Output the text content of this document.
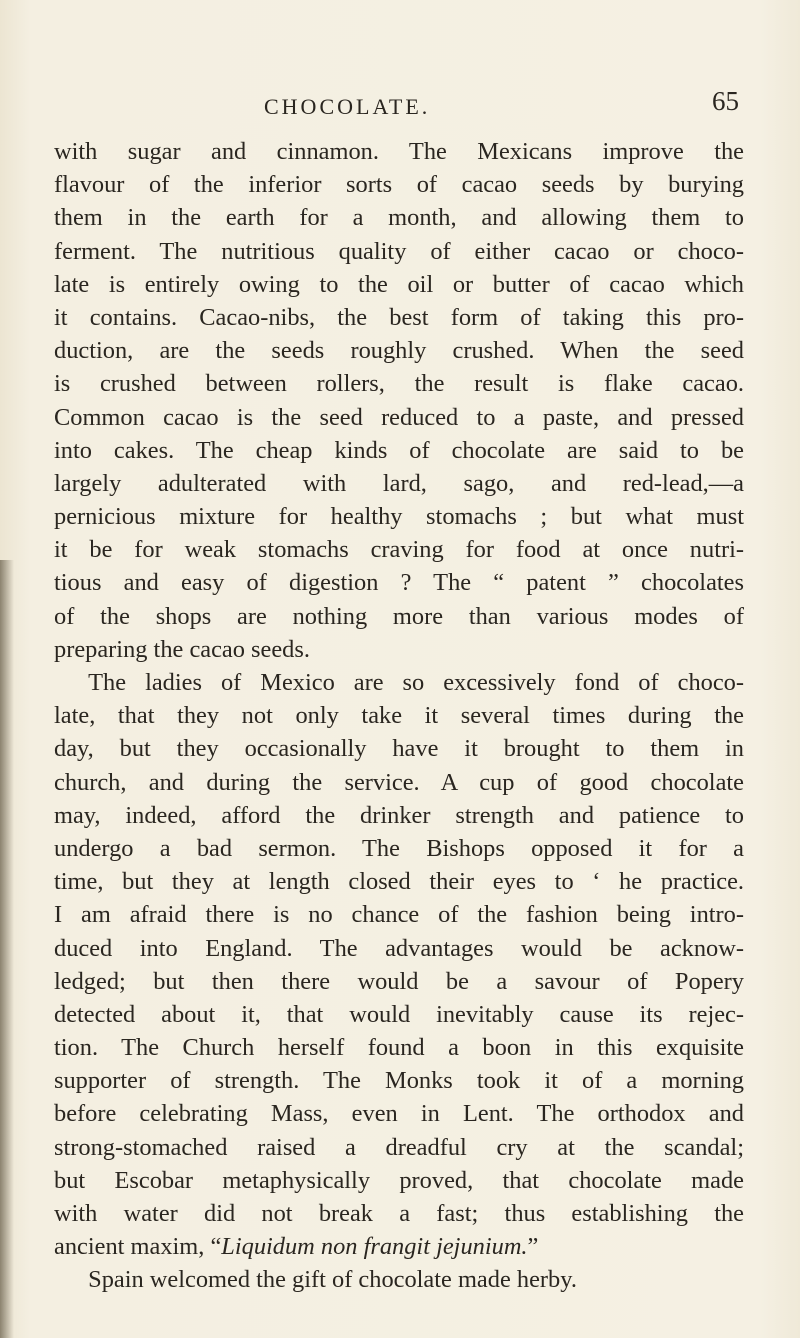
CHOCOLATE.	65
with sugar and cinnamon. The Mexicans improve the
flavour of the inferior sorts of cacao seeds by burying
them in the earth for a month, and allowing them to
ferment. The nutritious quality of either cacao or choco-
late is entirely owing to the oil or butter of cacao which
it contains. Cacao-nibs, the best form of taking this pro-
duction, are the seeds roughly crushed. When the seed
is crushed between rollers, the result is flake cacao.
Common cacao is the seed reduced to a paste, and pressed
into cakes. The cheap kinds of chocolate are said to be
largely adulterated with lard, sago, and red-lead,—a
pernicious mixture for healthy stomachs ; but what must
it be for weak stomachs craving for food at once nutri-
tious and easy of digestion ? The “ patent ” chocolates
of the shops are nothing more than various modes of
preparing the cacao seeds.
The ladies of Mexico are so excessively fond of choco-
late, that they not only take it several times during the
day, but they occasionally have it brought to them in
church, and during the service. A cup of good chocolate
may, indeed, afford the drinker strength and patience to
undergo a bad sermon. The Bishops opposed it for a
time, but they at length closed their eyes to ‘ he practice.
I am afraid there is no chance of the fashion being intro-
duced into England. The advantages would be acknow-
ledged; but then there would be a savour of Popery
detected about it, that would inevitably cause its rejec-
tion. The Church herself found a boon in this exquisite
supporter of strength. The Monks took it of a morning
before celebrating Mass, even in Lent. The orthodox and
strong-stomached raised a dreadful cry at the scandal;
but Escobar metaphysically proved, that chocolate made
with water did not break a fast; thus establishing the
ancient maxim, “Liquidum non frangit jejunium.”
Spain welcomed the gift of chocolate made herby.
